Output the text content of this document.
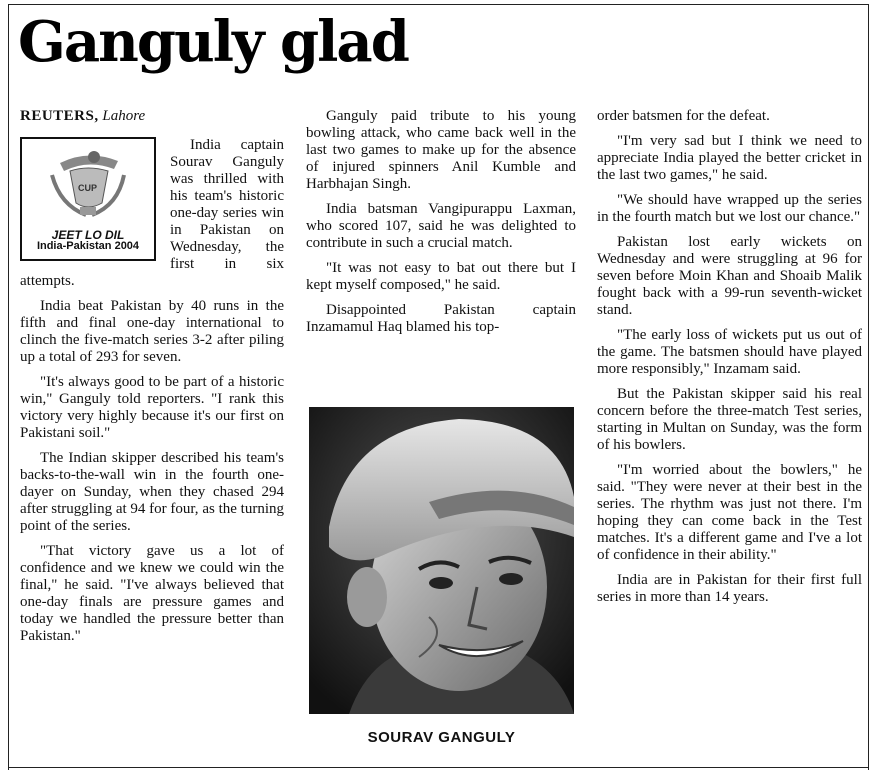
Ganguly glad
REUTERS, Lahore
CUP
JEET LO DIL
India-Pakistan 2004

India captain Sourav Ganguly was thrilled with his team's historic one-day series win in Pakistan on Wednesday, the first in six attempts.

India beat Pakistan by 40 runs in the fifth and final one-day international to clinch the five-match series 3-2 after piling up a total of 293 for seven.

"It's always good to be part of a historic win," Ganguly told reporters. "I rank this victory very highly because it's our first on Pakistani soil."

The Indian skipper described his team's backs-to-the-wall win in the fourth one-dayer on Sunday, when they chased 294 after struggling at 94 for four, as the turning point of the series.

"That victory gave us a lot of confidence and we knew we could win the final," he said. "I've always believed that one-day finals are pressure games and today we handled the pressure better than Pakistan."

Ganguly paid tribute to his young bowling attack, who came back well in the last two games to make up for the absence of injured spinners Anil Kumble and Harbhajan Singh.

India batsman Vangipurappu Laxman, who scored 107, said he was delighted to contribute in such a crucial match.

"It was not easy to bat out there but I kept myself composed," he said.

Disappointed Pakistan captain Inzamamul Haq blamed his top-

SOURAV GANGULY

order batsmen for the defeat.

"I'm very sad but I think we need to appreciate India played the better cricket in the last two games," he said.

"We should have wrapped up the series in the fourth match but we lost our chance."

Pakistan lost early wickets on Wednesday and were struggling at 96 for seven before Moin Khan and Shoaib Malik fought back with a 99-run seventh-wicket stand.

"The early loss of wickets put us out of the game. The batsmen should have played more responsibly," Inzamam said.

But the Pakistan skipper said his real concern before the three-match Test series, starting in Multan on Sunday, was the form of his bowlers.

"I'm worried about the bowlers," he said. "They were never at their best in the series. The rhythm was just not there. I'm hoping they can come back in the Test matches. It's a different game and I've a lot of confidence in their ability."

India are in Pakistan for their first full series in more than 14 years.
